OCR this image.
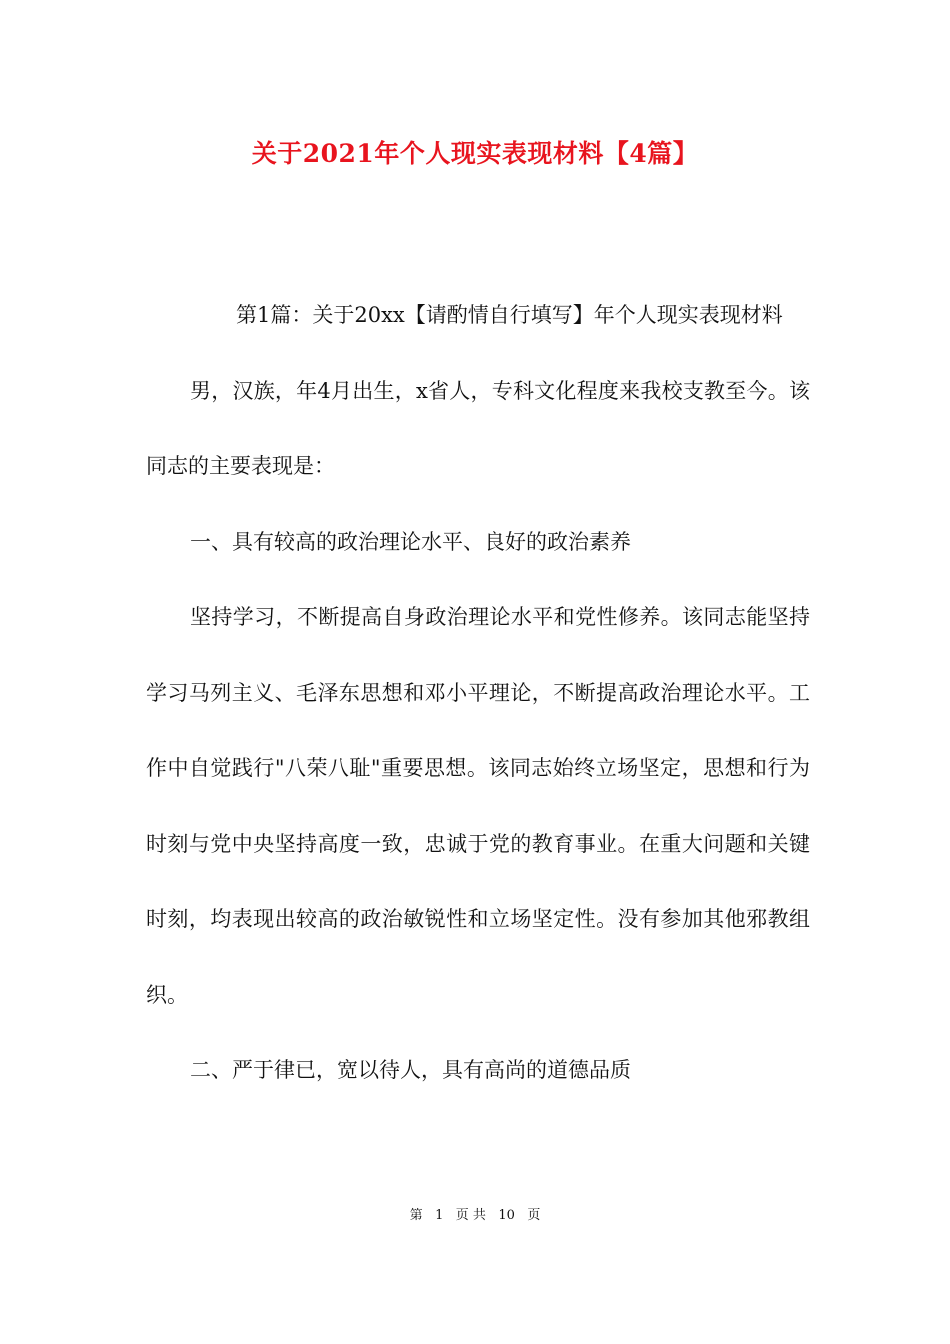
关于2021年个人现实表现材料【4篇】

第1篇：关于20xx【请酌情自行填写】年个人现实表现材料

男，汉族，年4月出生，x省人，专科文化程度来我校支教至今。该同志的主要表现是：

一、具有较高的政治理论水平、良好的政治素养

坚持学习，不断提高自身政治理论水平和党性修养。该同志能坚持学习马列主义、毛泽东思想和邓小平理论，不断提高政治理论水平。工作中自觉践行"八荣八耻"重要思想。该同志始终立场坚定，思想和行为时刻与党中央坚持高度一致，忠诚于党的教育事业。在重大问题和关键时刻，均表现出较高的政治敏锐性和立场坚定性。没有参加其他邪教组织。

二、严于律已，宽以待人，具有高尚的道德品质

第 1 页 共 10 页
